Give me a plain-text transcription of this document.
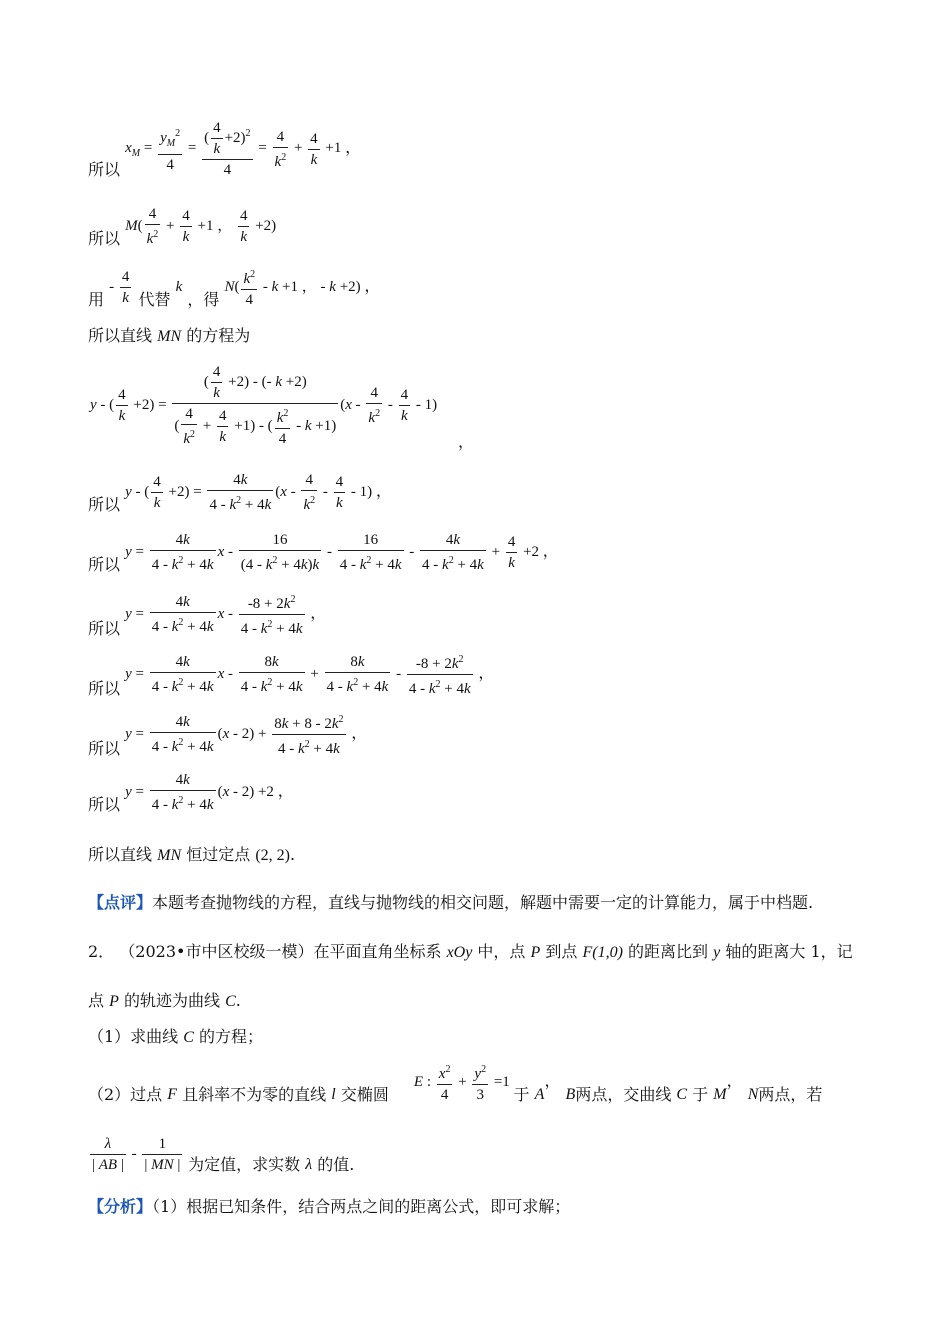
所以 $x_M = \frac{y_M^2}{4} = \frac{( \frac{4}{k} +2)^2}{4} = \frac{4}{k^2} + \frac{4}{k} +1$ ，
所以 $M( \frac{4}{k^2} + \frac{4}{k} +1$ ， $\frac{4}{k} +2$)
用 - $\frac{4}{k}$ 代替 k ，得 $N( \frac{k^2}{4} - k +1$ ， - k +2) ，
所以直线 MN 的方程为
y - ( $\frac{4}{k} +2) = \frac{( \frac{4}{k} +2) - (- k +2)}{( \frac{4}{k^2} + \frac{4}{k} +1) - ( \frac{k^2}{4} - k +1)} (x - \frac{4}{k^2} - \frac{4}{k} - 1)$
，
所以 y - ( $\frac{4}{k} +2) = \frac{4k}{4 - k^2 + 4k} (x - \frac{4}{k^2} - \frac{4}{k} - 1)$ ，
所以 $y = \frac{4k}{4 - k^2 + 4k}$ $x - \frac{16}{(4 - k^2 + 4k)k} - \frac{16}{4 - k^2 + 4k} - \frac{4k}{4 - k^2 + 4k} + \frac{4}{k} +2$ ，
所以 $y = \frac{4k}{4 - k^2 + 4k}$ x - $\frac{-8 + 2k^2}{4 - k^2 + 4k}$ ，
所以 $y = \frac{4k}{4 - k^2 + 4k}$ $x - \frac{8k}{4 - k^2 + 4k} + \frac{8k}{4 - k^2 + 4k} - \frac{-8 + 2k^2}{4 - k^2 + 4k}$ ，
所以 $y = \frac{4k}{4 - k^2 + 4k} (x - 2) + \frac{8k + 8 - 2k^2}{4 - k^2 + 4k}$ ，
所以 $y = \frac{4k}{4 - k^2 + 4k} (x - 2) +2$ ，
所以直线 MN 恒过定点 (2, 2).
【点评】本题考查抛物线的方程，直线与抛物线的相交问题，解题中需要一定的计算能力，属于中档题.
2． （2023•市中区校级一模）在平面直角坐标系 xOy 中，点 P 到点 F(1,0) 的距离比到 y 轴的距离大 1，记
点 P 的轨迹为曲线 C.
（1）求曲线 C 的方程；
（2）过点 F 且斜率不为零的直线 l 交椭圆 E : $\frac{x^2}{4} + \frac{y^2}{3} =1$ 于 A， B两点，交曲线 C 于 M， N两点，若
$\frac{\lambda}{| AB |} - \frac{1}{| MN |}$ 为定值，求实数 λ 的值.
【分析】（1）根据已知条件，结合两点之间的距离公式，即可求解；
